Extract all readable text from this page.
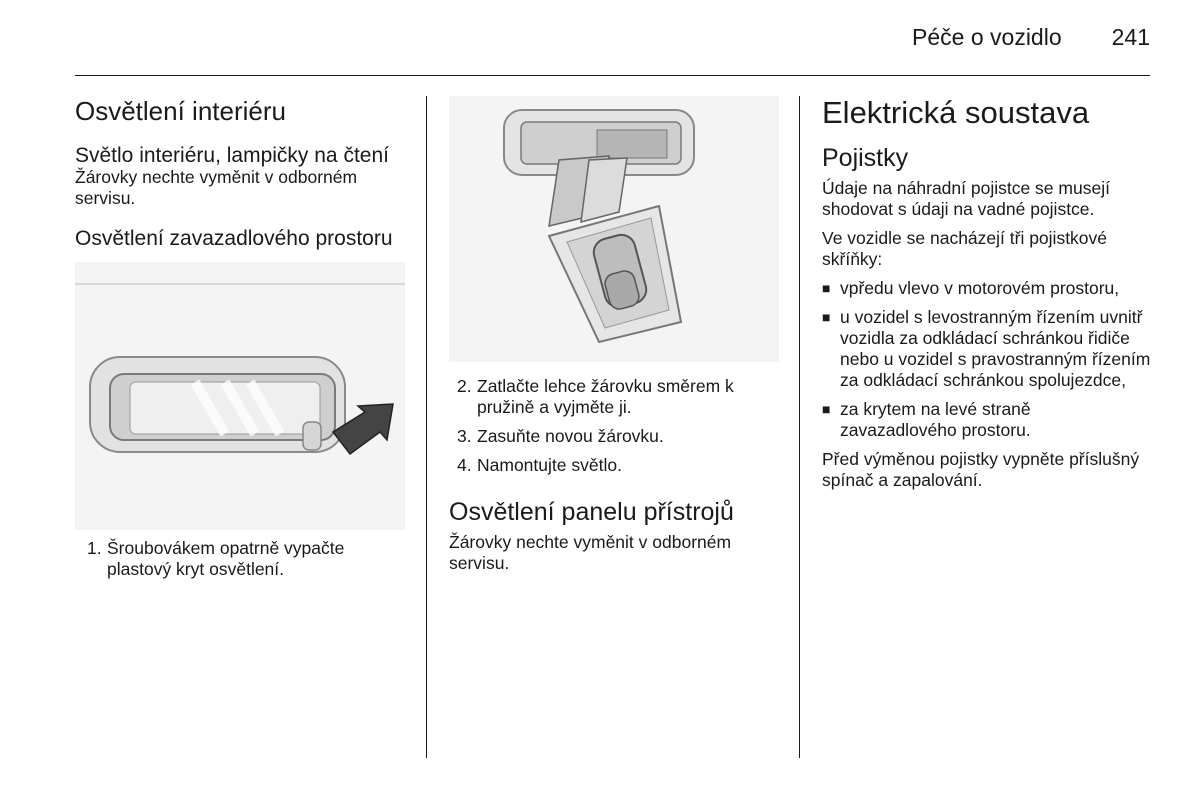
Péče o vozidlo 241
Osvětlení interiéru
Světlo interiéru, lampičky na čtení

Žárovky nechte vyměnit v odborném servisu.

Osvětlení zavazadlového prostoru
1. Šroubovákem opatrně vypačte plastový kryt osvětlení.
2. Zatlačte lehce žárovku směrem k pružině a vyjměte ji.
3. Zasuňte novou žárovku.
4. Namontujte světlo.
Osvětlení panelu přístrojů

Žárovky nechte vyměnit v odborném servisu.

Elektrická soustava
Pojistky

Údaje na náhradní pojistce se musejí shodovat s údaji na vadné pojistce.

Ve vozidle se nacházejí tři pojistkové skříňky:

■ vpředu vlevo v motorovém prostoru,
■ u vozidel s levostranným řízením uvnitř vozidla za odkládací schránkou řidiče nebo u vozidel s pravostranným řízením za odkládací schránkou spolujezdce,
■ za krytem na levé straně zavazadlového prostoru.

Před výměnou pojistky vypněte příslušný spínač a zapalování.
